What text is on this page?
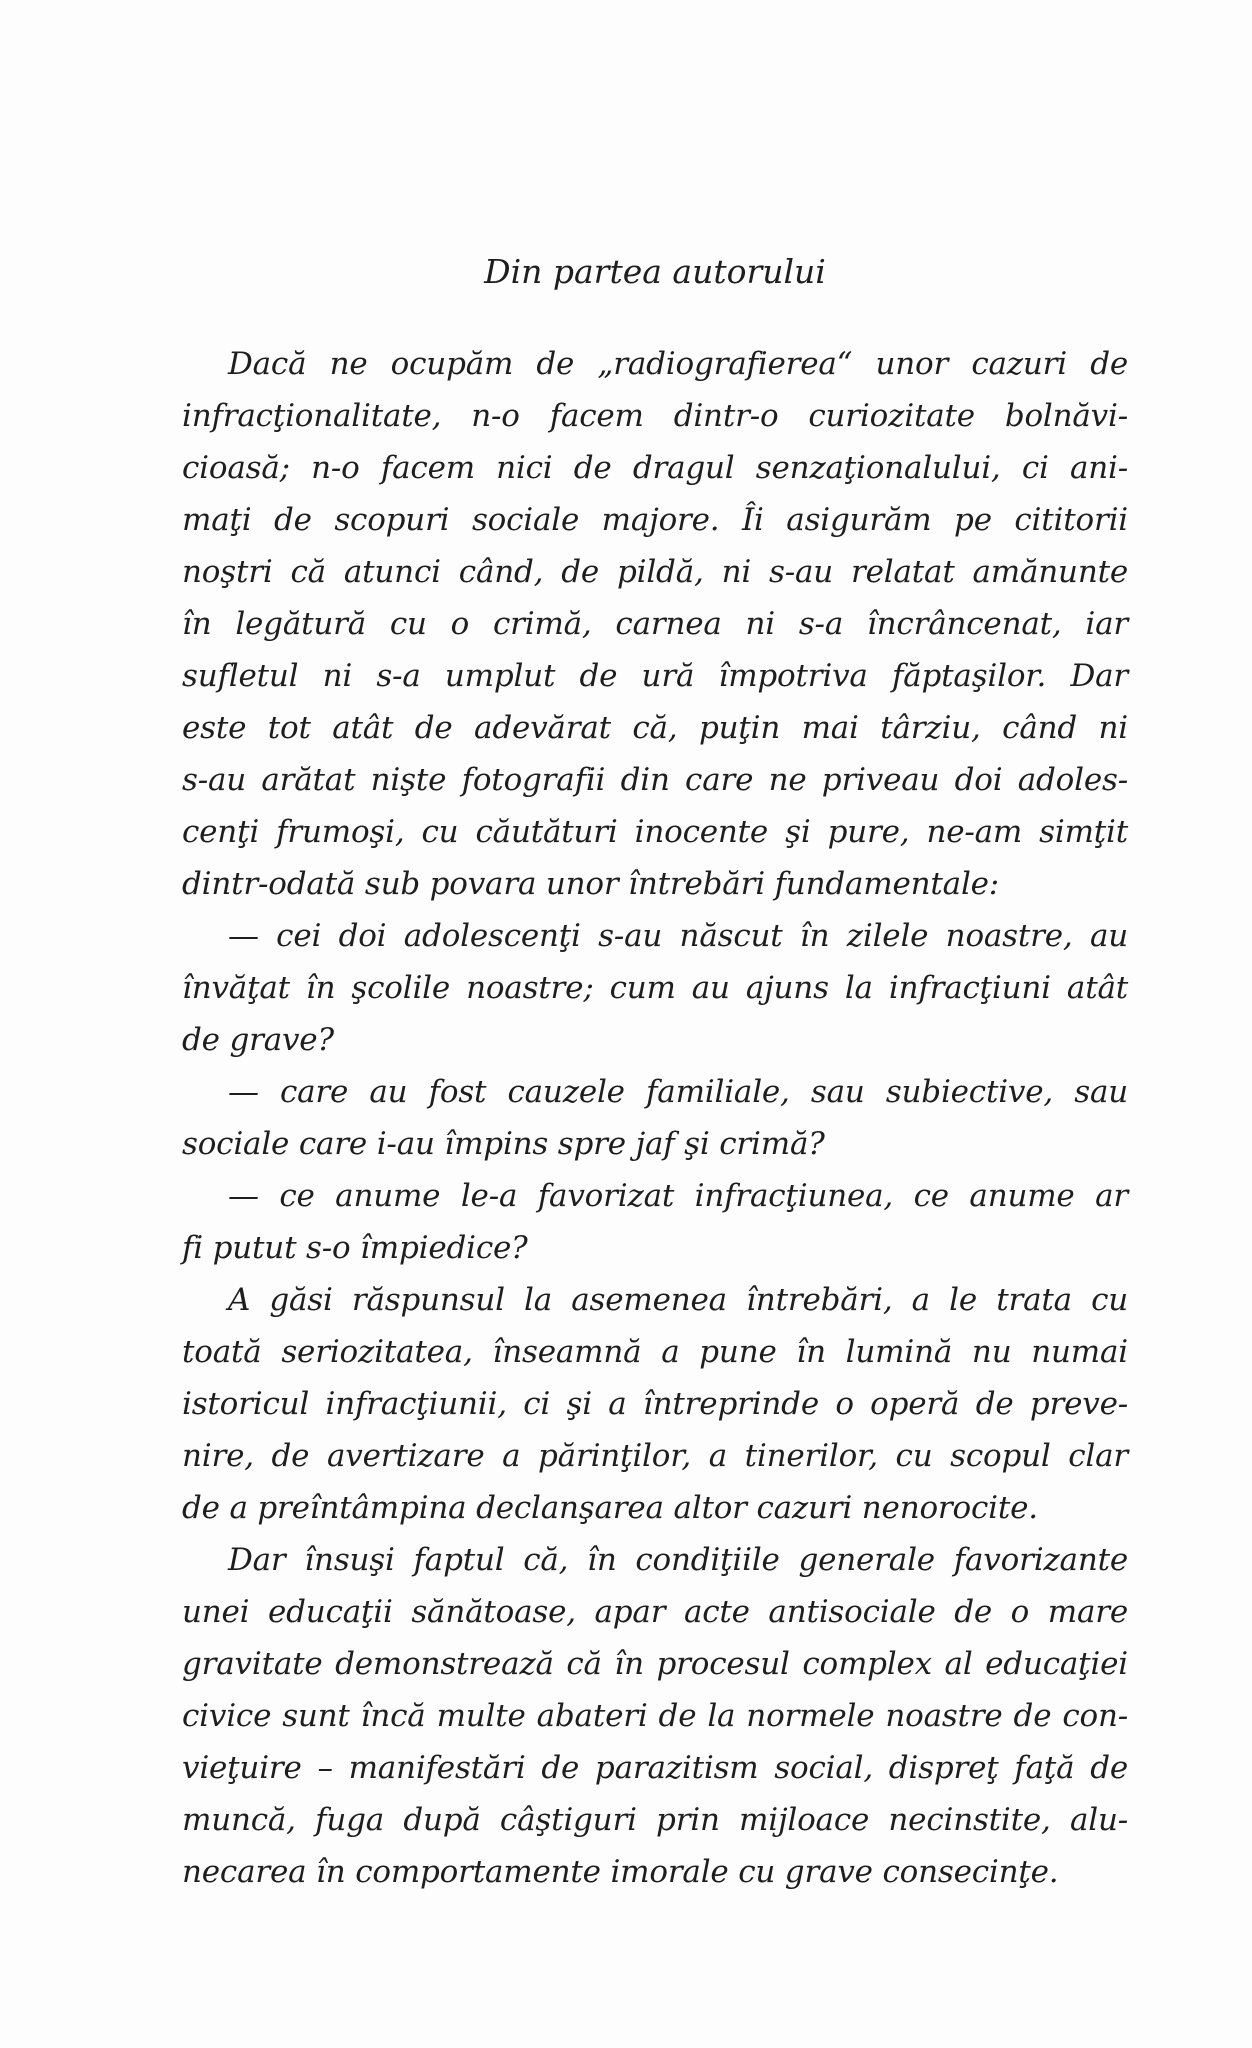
Din partea autorului
Dacă ne ocupăm de „radiografierea“ unor cazuri de
infracţionalitate, n-o facem dintr-o curiozitate bolnăvi-
cioasă; n-o facem nici de dragul senzaţionalului, ci ani-
maţi de scopuri sociale majore. Îi asigurăm pe cititorii
noştri că atunci când, de pildă, ni s-au relatat amănunte
în legătură cu o crimă, carnea ni s-a încrâncenat, iar
sufletul ni s-a umplut de ură împotriva făptaşilor. Dar
este tot atât de adevărat că, puţin mai târziu, când ni
s-au arătat nişte fotografii din care ne priveau doi adoles-
cenţi frumoşi, cu căutături inocente şi pure, ne-am simţit
dintr-odată sub povara unor întrebări fundamentale:
— cei doi adolescenţi s-au născut în zilele noastre, au
învăţat în şcolile noastre; cum au ajuns la infracţiuni atât
de grave?
— care au fost cauzele familiale, sau subiective, sau
sociale care i-au împins spre jaf şi crimă?
— ce anume le-a favorizat infracţiunea, ce anume ar
fi putut s-o împiedice?
A găsi răspunsul la asemenea întrebări, a le trata cu
toată seriozitatea, înseamnă a pune în lumină nu numai
istoricul infracţiunii, ci şi a întreprinde o operă de preve-
nire, de avertizare a părinţilor, a tinerilor, cu scopul clar
de a preîntâmpina declanşarea altor cazuri nenorocite.
Dar însuşi faptul că, în condiţiile generale favorizante
unei educaţii sănătoase, apar acte antisociale de o mare
gravitate demonstrează că în procesul complex al educaţiei
civice sunt încă multe abateri de la normele noastre de con-
vieţuire – manifestări de parazitism social, dispreţ faţă de
muncă, fuga după câştiguri prin mijloace necinstite, alu-
necarea în comportamente imorale cu grave consecinţe.
